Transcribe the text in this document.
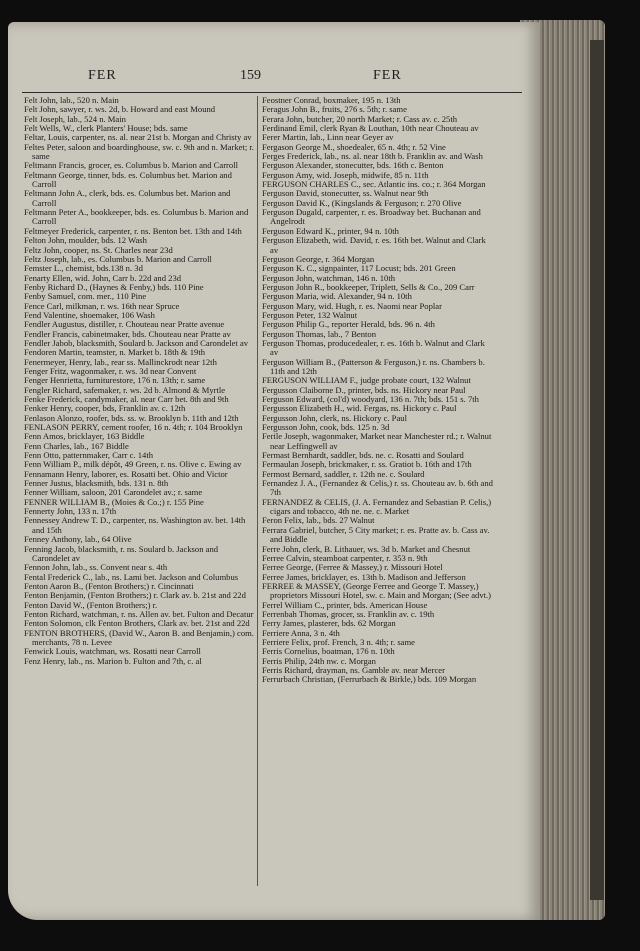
FER	159	FER
Felt John, lab., 520 n. Main
Felt John, sawyer, r. ws. 2d, b. Howard and east Mound
Felt Joseph, lab., 524 n. Main
Felt Wells, W., clerk Planters' House; bds. same
Feltar, Louis, carpenter, ns. al. near 21st b. Morgan and Christy av
Feltes Peter, saloon and boardinghouse, sw. c. 9th and n. Market; r. same
Feltmann Francis, grocer, es. Columbus b. Marion and Carroll
Feltmann George, tinner, bds. es. Columbus bet. Marion and Carroll
Feltmann John A., clerk, bds. es. Columbus bet. Marion and Carroll
Feltmann Peter A., bookkeeper, bds. es. Columbus b. Marion and Carroll
Feltmeyer Frederick, carpenter, r. ns. Benton bet. 13th and 14th
Felton John, moulder, bds. 12 Wash
Feltz John, cooper, ns. St. Charles near 23d
Feltz Joseph, lab., es. Columbus b. Marion and Carroll
Femster L., chemist, bds.138 n. 3d
Fenarty Ellen, wid. John, Carr b. 22d and 23d
Fenby Richard D., (Haynes & Fenby,) bds. 110 Pine
Fenby Samuel, com. mer., 110 Pine
Fence Carl, milkman, r. ws. 16th near Spruce
Fend Valentine, shoemaker, 106 Wash
Fendler Augustus, distiller, r. Chouteau near Pratte avenue
Fendler Francis, cabinetmaker, bds. Chouteau near Pratte av
Fendler Jabob, blacksmith, Soulard b. Jackson and Carondelet av
Fendoren Martin, teamster, n. Market b. 18th & 19th
Fenermeyer, Henry, lab., rear ss. Mallinckrodt near 12th
Fenger Fritz, wagonmaker, r. ws. 3d near Convent
Fenger Henrietta, furniturestore, 176 n. 13th; r. same
Fengler Richard, safemaker, r. ws. 2d b. Almond & Myrtle
Fenke Frederick, candymaker, al. near Carr bet. 8th and 9th
Fenker Henry, cooper, bds, Franklin av. c. 12th
Fenlason Alonzo, roofer, bds. ss. w. Brooklyn b. 11th and 12th
FENLASON PERRY, cement roofer, 16 n. 4th; r. 104 Brooklyn
Fenn Amos, bricklayer, 163 Biddle
Fenn Charles, lab., 167 Biddle
Fenn Otto, patternmaker, Carr c. 14th
Fenn William P., milk dépôt, 49 Green, r. ns. Olive c. Ewing av
Fennamann Henry, laborer, es. Rosatti bet. Ohio and Victor
Fenner Justus, blacksmith, bds. 131 n. 8th
Fenner William, saloon, 201 Carondelet av.; r. same
FENNER WILLIAM B., (Moies & Co.;) r. 155 Pine
Fennerty John, 133 n. 17th
Fennessey Andrew T. D., carpenter, ns. Washington av. bet. 14th and 15th
Fenney Anthony, lab., 64 Olive
Fenning Jacob, blacksmith, r. ns. Soulard b. Jackson and Carondelet av
Fennon John, lab., ss. Convent near s. 4th
Fental Frederick C., lab., ns. Lami bet. Jackson and Columbus
Fenton Aaron B., (Fenton Brothers;) r. Cincinnati
Fenton Benjamin, (Fenton Brothers;) r. Clark av. b. 21st and 22d
Fenton David W., (Fenton Brothers;) r.
Fenton Richard, watchman, r. ns. Allen av. bet. Fulton and Decatur
Fenton Solomon, clk Fenton Brothers, Clark av. bet. 21st and 22d
FENTON BROTHERS, (David W., Aaron B. and Benjamin,) com. merchants, 78 n. Levee
Fenwick Louis, watchman, ws. Rosatti near Carroll
Fenz Henry, lab., ns. Marion b. Fulton and 7th, c. al
Feostner Conrad, boxmaker, 195 n. 13th
Feragus John B., fruits, 276 s. 5th; r. same
Ferara John, butcher, 20 north Market; r. Cass av. c. 25th
Ferdinand Emil, clerk Ryan & Louthan, 10th near Chouteau av
Ferer Martin, lab., Linn near Geyer av
Fergason George M., shoedealer, 65 n. 4th; r. 52 Vine
Ferges Frederick, lab., ns. al. near 18th b. Franklin av. and Wash
Ferguson Alexander, stonecutter, bds. 16th c. Benton
Ferguson Amy, wid. Joseph, midwife, 85 n. 11th
FERGUSON CHARLES C., sec. Atlantic ins. co.; r. 364 Morgan
Ferguson David, stonecutter, ss. Walnut near 9th
Ferguson David K., (Kingslands & Ferguson; r. 270 Olive
Ferguson Dugald, carpenter, r. es. Broadway bet. Buchanan and Angelrodt
Ferguson Edward K., printer, 94 n. 10th
Ferguson Elizabeth, wid. David, r. es. 16th bet. Walnut and Clark av
Ferguson George, r. 364 Morgan
Ferguson K. C., signpainter, 117 Locust; bds. 201 Green
Ferguson John, watchman, 146 n. 10th
Ferguson John R., bookkeeper, Triplett, Sells & Co., 209 Carr
Ferguson Maria, wid. Alexander, 94 n. 10th
Ferguson Mary, wid. Hugh, r. es. Naomi near Poplar
Ferguson Peter, 132 Walnut
Ferguson Philip G., reporter Herald, bds. 96 n. 4th
Ferguson Thomas, lab., 7 Benton
Ferguson Thomas, producedealer, r. es. 16th b. Walnut and Clark av
Ferguson William B., (Patterson & Ferguson,) r. ns. Chambers b. 11th and 12th
FERGUSON WILLIAM F., judge probate court, 132 Walnut
Fergusson Claiborne D., printer, bds. ns. Hickory near Paul
Ferguson Edward, (col'd) woodyard, 136 n. 7th; bds. 151 s. 7th
Fergusson Elizabeth H., wid. Fergas, ns. Hickory c. Paul
Fergusson John, clerk, ns. Hickory c. Paul
Fergusson John, cook, bds. 125 n. 3d
Ferile Joseph, wagonmaker, Market near Manchester rd.; r. Walnut near Leffingwell av
Fermast Bernhardt, saddler, bds. ne. c. Rosatti and Soulard
Fermaulan Joseph, brickmaker, r. ss. Gratiot b. 16th and 17th
Fermost Bernard, saddler, r. 12th ne. c. Soulard
Fernandez J. A., (Fernandez & Celis,) r. ss. Chouteau av. b. 6th and 7th
FERNANDEZ & CELIS, (J. A. Fernandez and Sebastian P. Celis,) cigars and tobacco, 4th ne. ne. c. Market
Feron Felix, lab., bds. 27 Walnut
Ferrara Gabriel, butcher, 5 City market; r. es. Pratte av. b. Cass av. and Biddle
Ferre John, clerk, B. Lithauer, ws. 3d b. Market and Chesnut
Ferree Calvin, steamboat carpenter, r. 353 n. 9th
Ferree George, (Ferree & Massey,) r. Missouri Hotel
Ferree James, bricklayer, es. 13th b. Madison and Jefferson
FERREE & MASSEY, (George Ferree and George T. Massey,) proprietors Missouri Hotel, sw. c. Main and Morgan; (See advt.)
Ferrel William C., printer, bds. American House
Ferrenbah Thomas, grocer, ss. Franklin av. c. 19th
Ferry James, plasterer, bds. 62 Morgan
Ferriere Anna, 3 n. 4th
Ferriere Felix, prof. French, 3 n. 4th; r. same
Ferris Cornelius, boatman, 176 n. 10th
Ferris Philip, 24th nw. c. Morgan
Ferris Richard, drayman, ns. Gamble av. near Mercer
Ferrurbach Christian, (Ferrurbach & Birkle,) bds. 109 Morgan
